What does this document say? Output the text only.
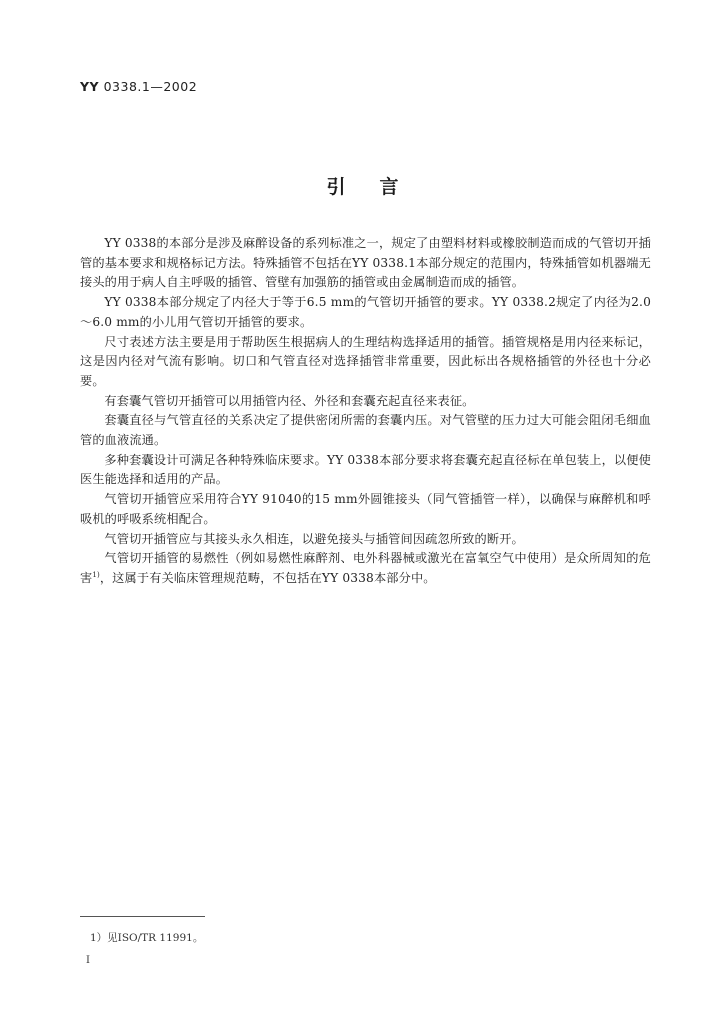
YY 0338.1—2002
引言

YY 0338的本部分是涉及麻醉设备的系列标准之一，规定了由塑料材料或橡胶制造而成的气管切开插管的基本要求和规格标记方法。特殊插管不包括在YY 0338.1本部分规定的范围内，特殊插管如机器端无接头的用于病人自主呼吸的插管、管壁有加强筋的插管或由金属制造而成的插管。

YY 0338本部分规定了内径大于等于6.5 mm的气管切开插管的要求。YY 0338.2规定了内径为2.0～6.0 mm的小儿用气管切开插管的要求。

尺寸表述方法主要是用于帮助医生根据病人的生理结构选择适用的插管。插管规格是用内径来标记，这是因内径对气流有影响。切口和气管直径对选择插管非常重要，因此标出各规格插管的外径也十分必要。

有套囊气管切开插管可以用插管内径、外径和套囊充起直径来表征。

套囊直径与气管直径的关系决定了提供密闭所需的套囊内压。对气管壁的压力过大可能会阻闭毛细血管的血液流通。

多种套囊设计可满足各种特殊临床要求。YY 0338本部分要求将套囊充起直径标在单包装上，以便使医生能选择和适用的产品。

气管切开插管应采用符合YY 91040的15 mm外圆锥接头（同气管插管一样），以确保与麻醉机和呼吸机的呼吸系统相配合。

气管切开插管应与其接头永久相连，以避免接头与插管间因疏忽所致的断开。

气管切开插管的易燃性（例如易燃性麻醉剂、电外科器械或激光在富氧空气中使用）是众所周知的危害$^{1)}$，这属于有关临床管理规范畴，不包括在YY 0338本部分中。

1）见ISO/TR 11991。
I
